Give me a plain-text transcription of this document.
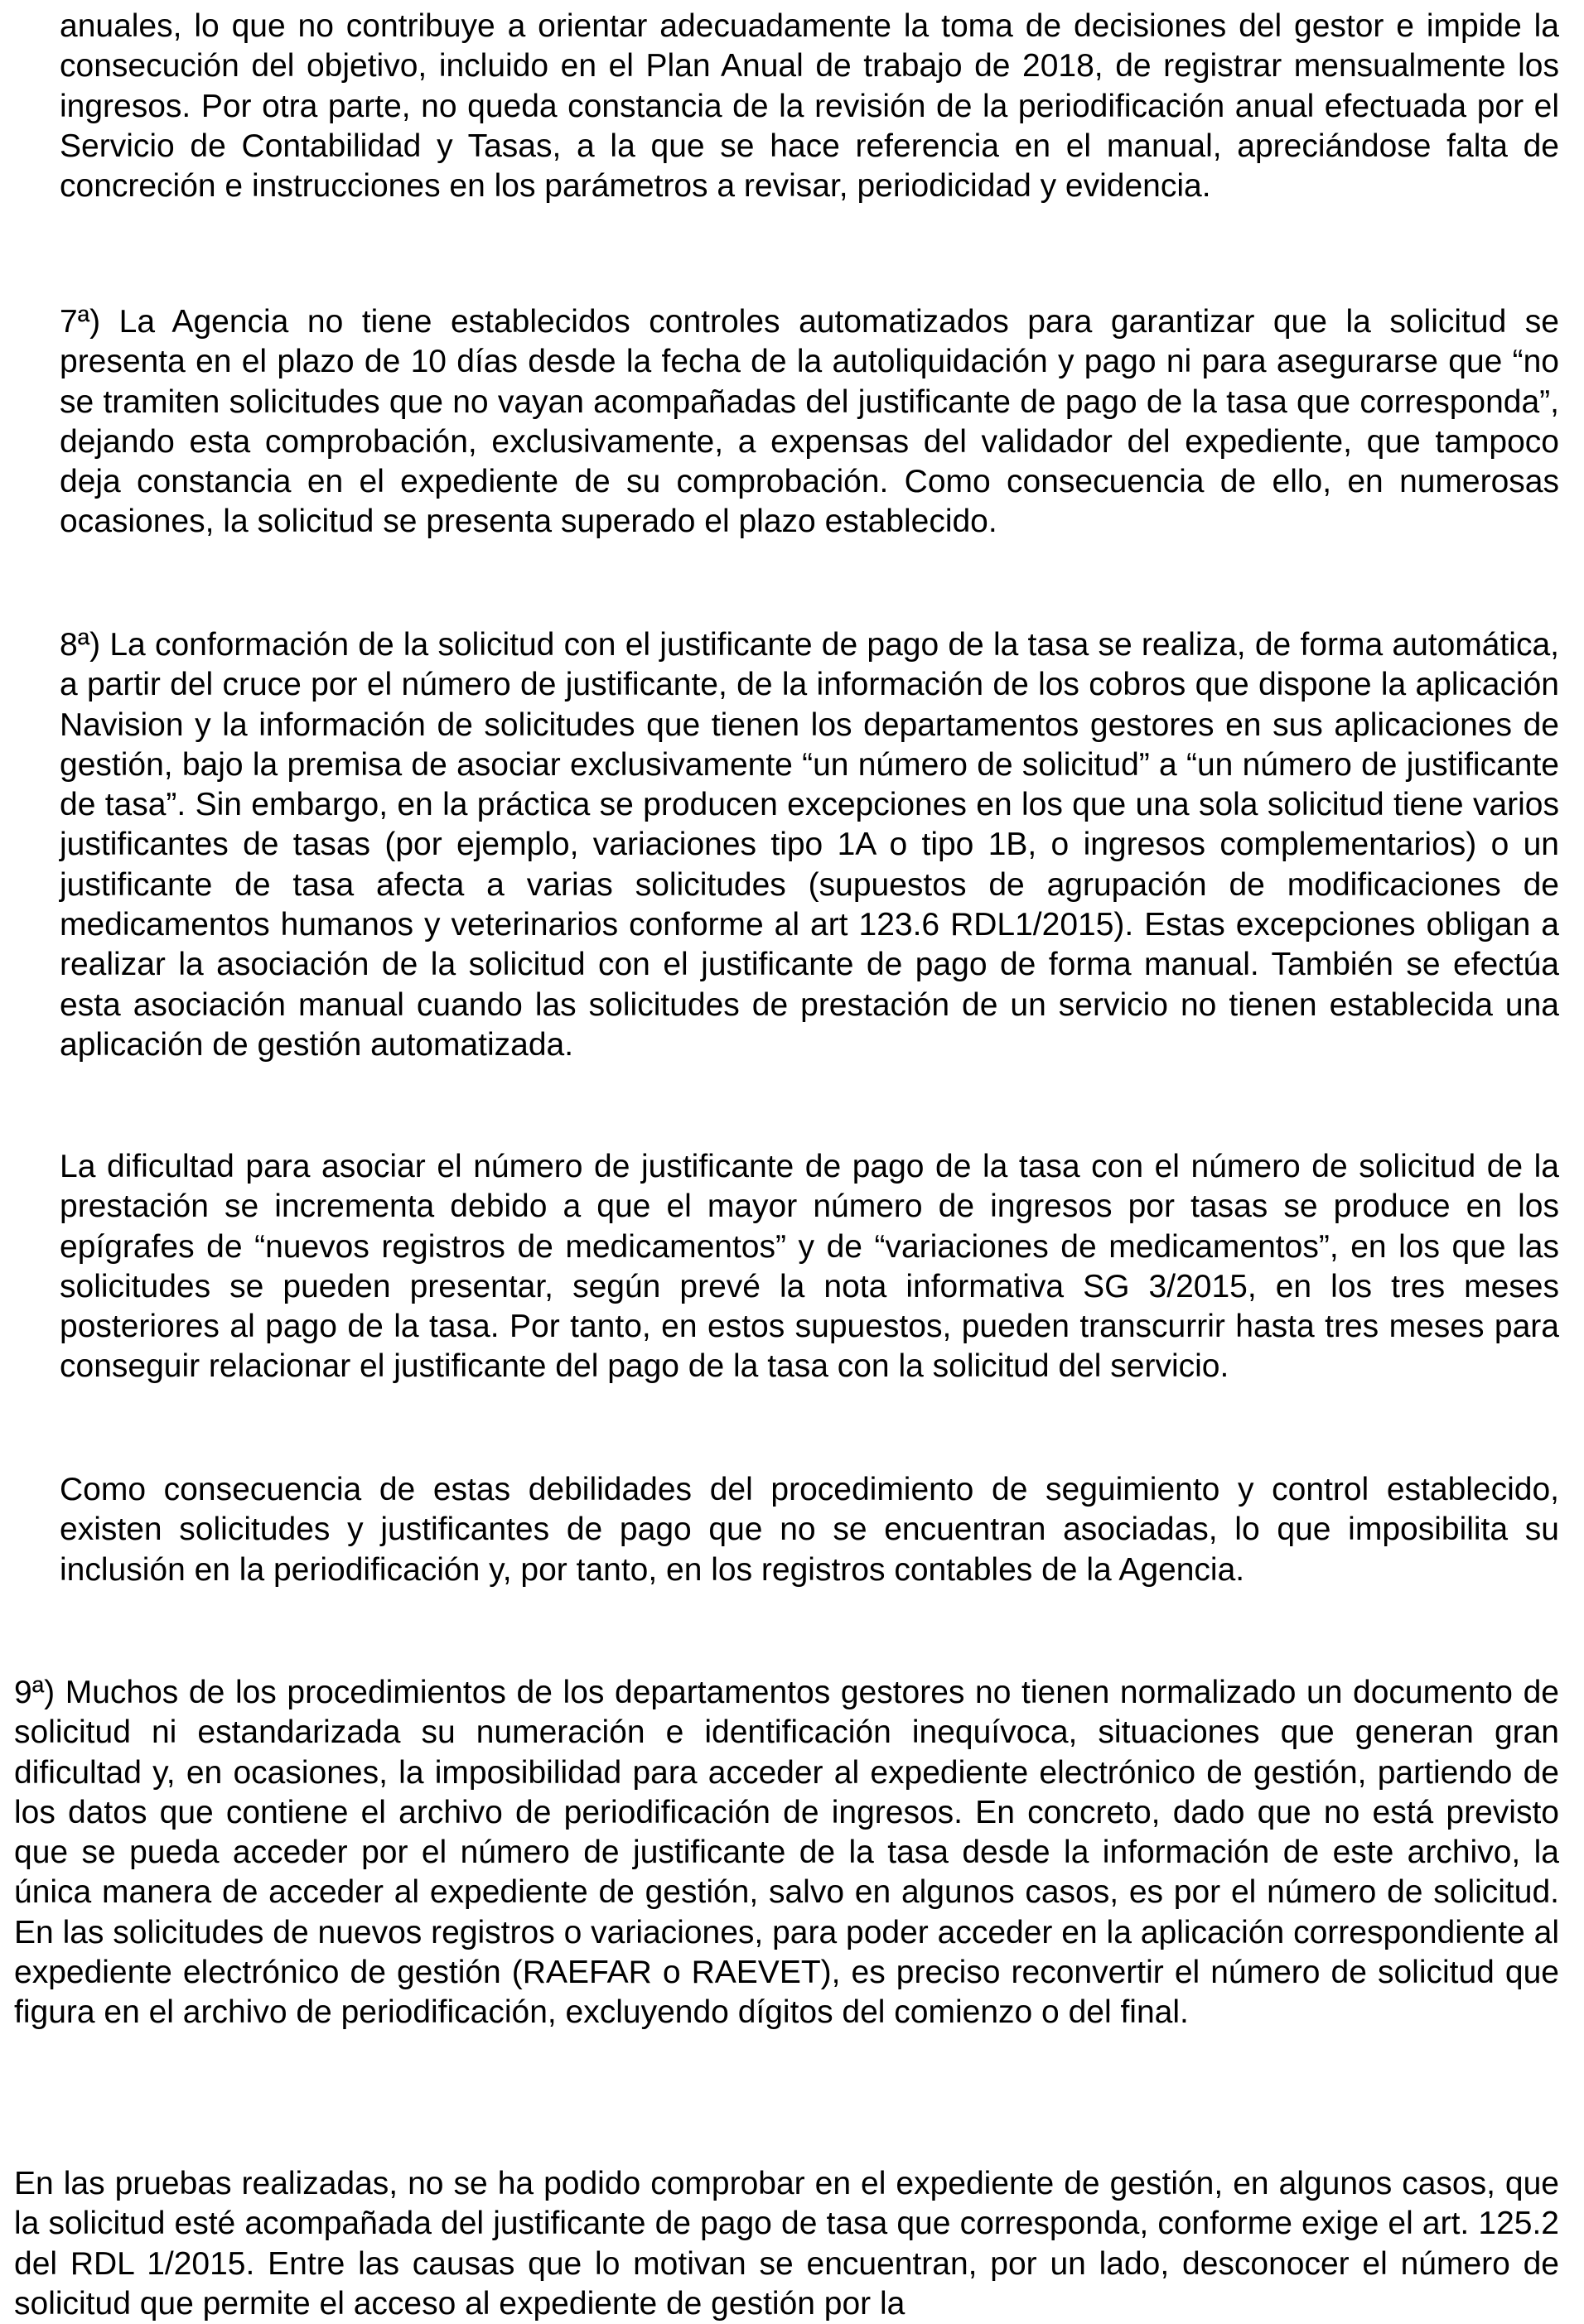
anuales, lo que no contribuye a orientar adecuadamente la toma de decisiones del gestor e impide la consecución del objetivo, incluido en el Plan Anual de trabajo de 2018, de registrar mensualmente los ingresos. Por otra parte, no queda constancia de la revisión de la periodificación anual efectuada por el Servicio de Contabilidad y Tasas, a la que se hace referencia en el manual, apreciándose falta de concreción e instrucciones en los parámetros a revisar, periodicidad y evidencia.

7ª) La Agencia no tiene establecidos controles automatizados para garantizar que la solicitud se presenta en el plazo de 10 días desde la fecha de la autoliquidación y pago ni para asegurarse que “no se tramiten solicitudes que no vayan acompañadas del justificante de pago de la tasa que corresponda”, dejando esta comprobación, exclusivamente, a expensas del validador del expediente, que tampoco deja constancia en el expediente de su comprobación. Como consecuencia de ello, en numerosas ocasiones, la solicitud se presenta superado el plazo establecido.

8ª) La conformación de la solicitud con el justificante de pago de la tasa se realiza, de forma automática, a partir del cruce por el número de justificante, de la información de los cobros que dispone la aplicación Navision y la información de solicitudes que tienen los departamentos gestores en sus aplicaciones de gestión, bajo la premisa de asociar exclusivamente “un número de solicitud” a “un número de justificante de tasa”. Sin embargo, en la práctica se producen excepciones en los que una sola solicitud tiene varios justificantes de tasas (por ejemplo, variaciones tipo 1A o tipo 1B, o ingresos complementarios) o un justificante de tasa afecta a varias solicitudes (supuestos de agrupación de modificaciones de medicamentos humanos y veterinarios conforme al art 123.6 RDL1/2015). Estas excepciones obligan a realizar la asociación de la solicitud con el justificante de pago de forma manual. También se efectúa esta asociación manual cuando las solicitudes de prestación de un servicio no tienen establecida una aplicación de gestión automatizada.

La dificultad para asociar el número de justificante de pago de la tasa con el número de solicitud de la prestación se incrementa debido a que el mayor número de ingresos por tasas se produce en los epígrafes de “nuevos registros de medicamentos” y de “variaciones de medicamentos”, en los que las solicitudes se pueden presentar, según prevé la nota informativa SG 3/2015, en los tres meses posteriores al pago de la tasa. Por tanto, en estos supuestos, pueden transcurrir hasta tres meses para conseguir relacionar el justificante del pago de la tasa con la solicitud del servicio.

Como consecuencia de estas debilidades del procedimiento de seguimiento y control establecido, existen solicitudes y justificantes de pago que no se encuentran asociadas, lo que imposibilita su inclusión en la periodificación y, por tanto, en los registros contables de la Agencia.

9ª) Muchos de los procedimientos de los departamentos gestores no tienen normalizado un documento de solicitud ni estandarizada su numeración e identificación inequívoca, situaciones que generan gran dificultad y, en ocasiones, la imposibilidad para acceder al expediente electrónico de gestión, partiendo de los datos que contiene el archivo de periodificación de ingresos. En concreto, dado que no está previsto que se pueda acceder por el número de justificante de la tasa desde la información de este archivo, la única manera de acceder al expediente de gestión, salvo en algunos casos, es por el número de solicitud. En las solicitudes de nuevos registros o variaciones, para poder acceder en la aplicación correspondiente al expediente electrónico de gestión (RAEFAR o RAEVET), es preciso reconvertir el número de solicitud que figura en el archivo de periodificación, excluyendo dígitos del comienzo o del final.

En las pruebas realizadas, no se ha podido comprobar en el expediente de gestión, en algunos casos, que la solicitud esté acompañada del justificante de pago de tasa que corresponda, conforme exige el art. 125.2 del RDL 1/2015. Entre las causas que lo motivan se encuentran, por un lado, desconocer el número de solicitud que permite el acceso al expediente de gestión por la
